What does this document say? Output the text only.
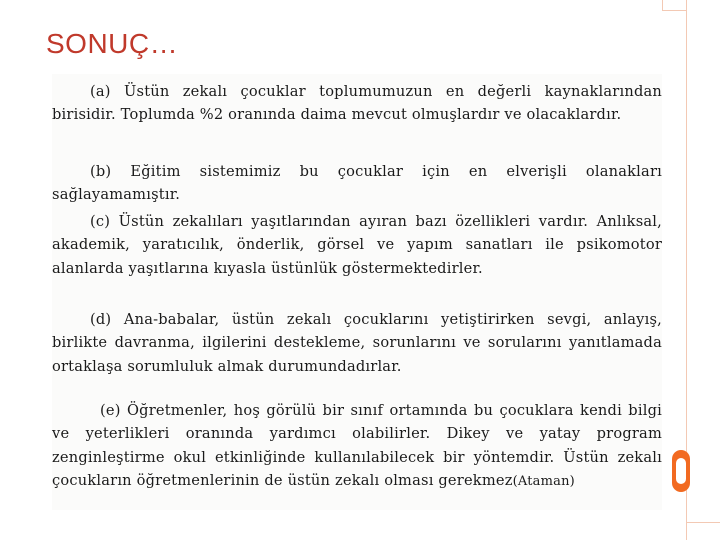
SONUÇ…
(a) Üstün zekalı çocuklar toplumumuzun en değerli kaynaklarından birisidir. Toplumda %2 oranında daima mevcut olmuşlardır ve olacaklardır.
(b) Eğitim sistemimiz bu çocuklar için en elverişli olanakları sağlayamamıştır.
(c) Üstün zekalıları yaşıtlarından ayıran bazı özellikleri vardır. Anlıksal, akademik, yaratıcılık, önderlik, görsel ve yapım sanatları ile psikomotor alanlarda yaşıtlarına kıyasla üstünlük göstermektedirler.
(d) Ana-babalar, üstün zekalı çocuklarını yetiştirirken sevgi, anlayış, birlikte davranma, ilgilerini destekleme, sorunlarını ve sorularını yanıtlamada ortaklaşa sorumluluk almak durumundadırlar.
(e) Öğretmenler, hoş görülü bir sınıf ortamında bu çocuklara kendi bilgi ve yeterlikleri oranında yardımcı olabilirler. Dikey ve yatay program zenginleştirme okul etkinliğinde kullanılabilecek bir yöntemdir. Üstün zekalı çocukların öğretmenlerinin de üstün zekalı olması gerekmez(Ataman)
